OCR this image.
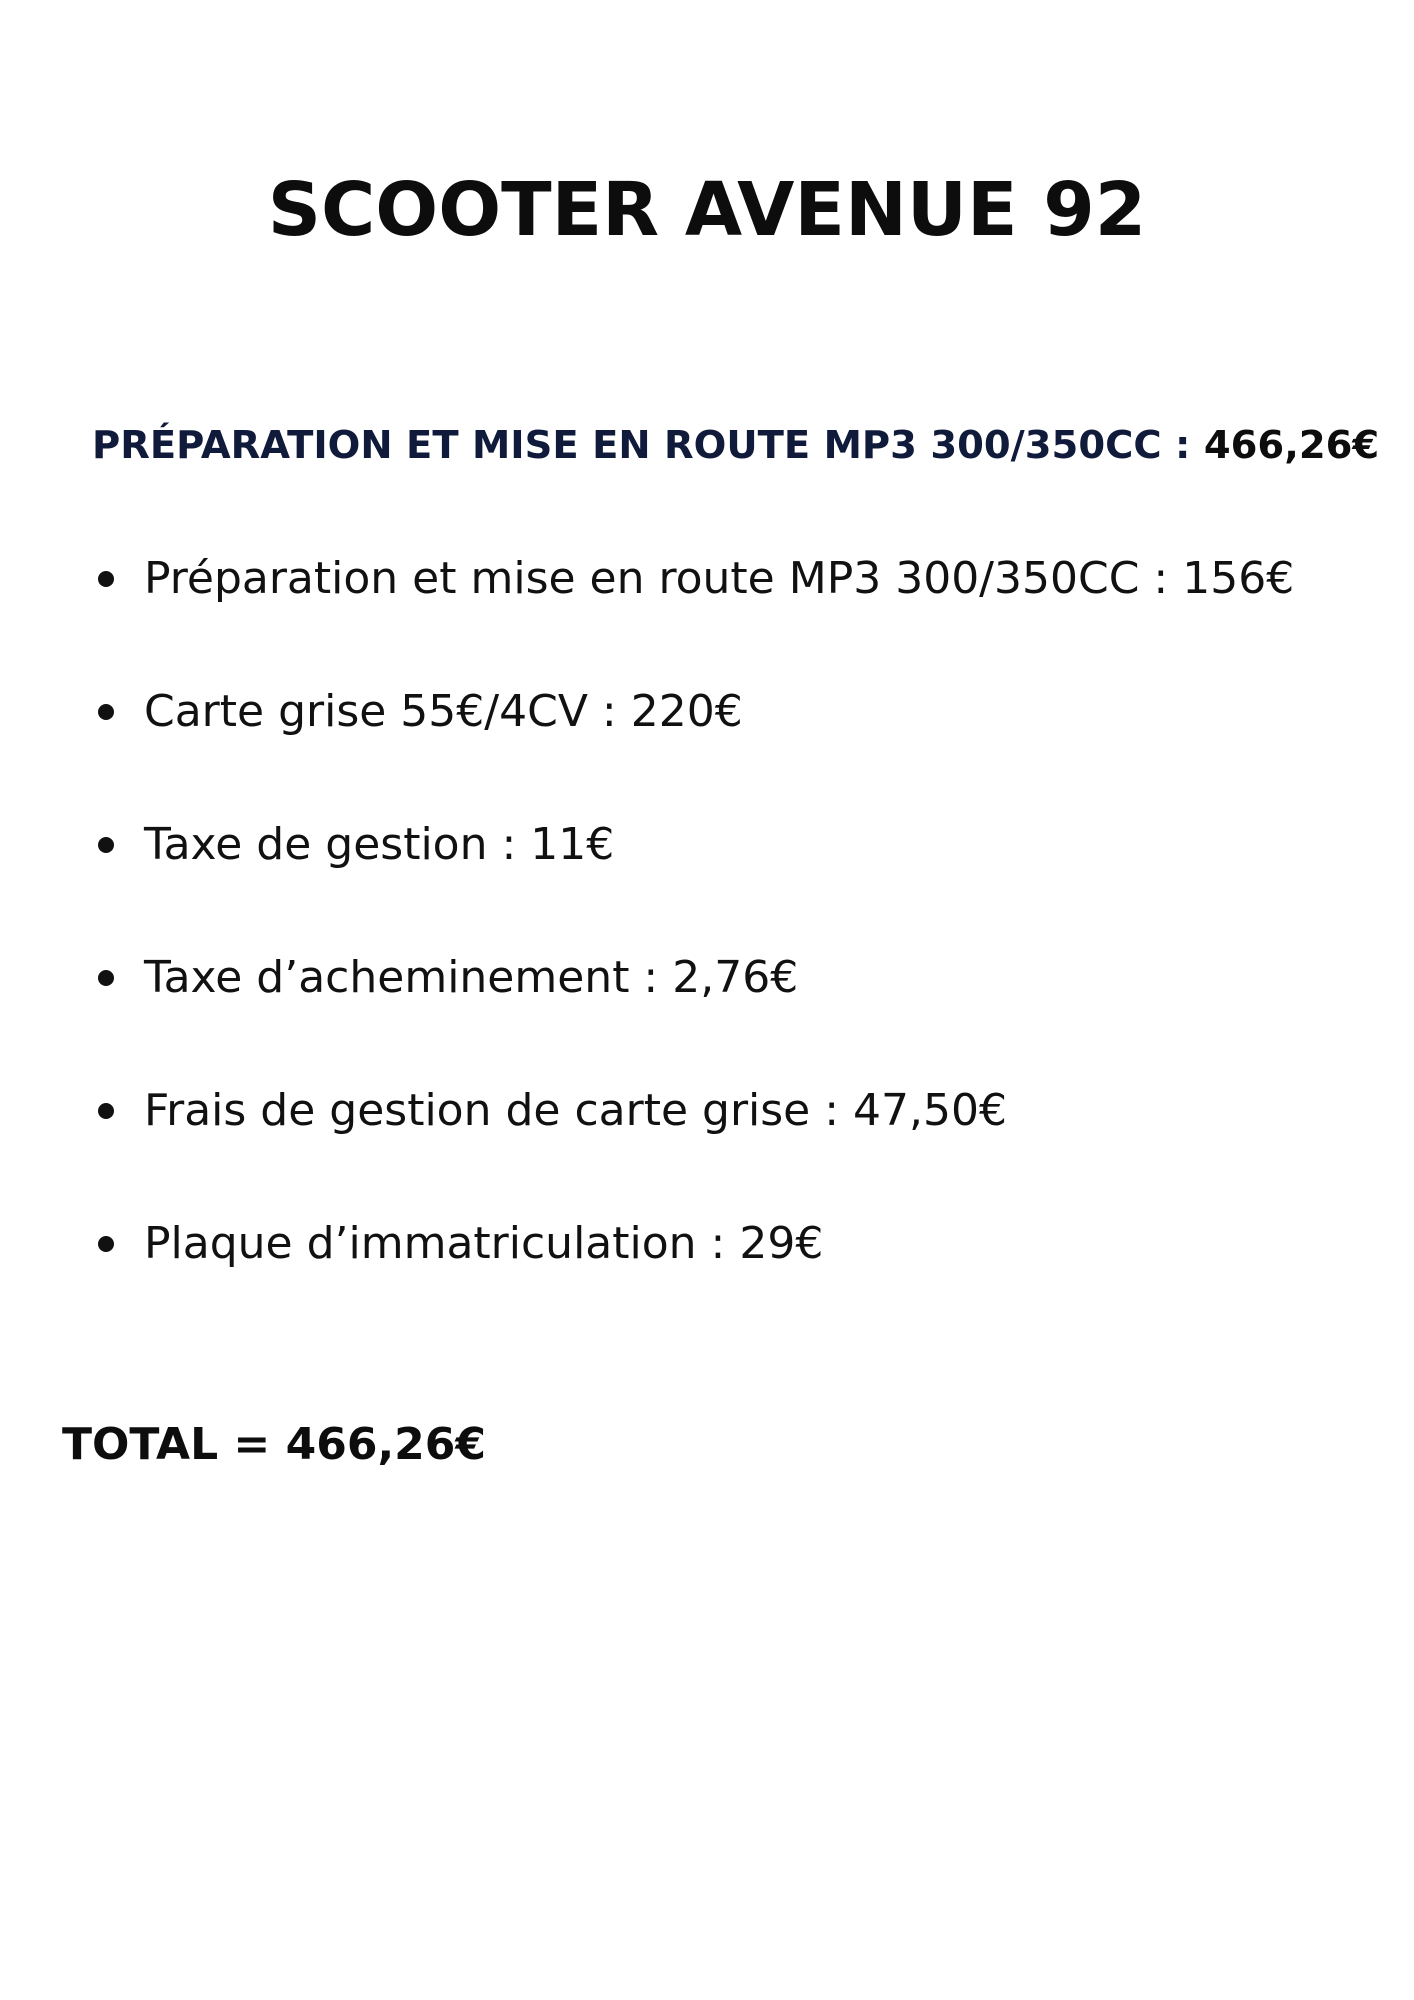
SCOOTER AVENUE 92
PRÉPARATION ET MISE EN ROUTE MP3 300/350CC : 466,26€
Préparation et mise en route MP3 300/350CC : 156€
Carte grise 55€/4CV : 220€
Taxe de gestion : 11€
Taxe d’acheminement : 2,76€
Frais de gestion de carte grise : 47,50€
Plaque d’immatriculation : 29€
TOTAL = 466,26€
